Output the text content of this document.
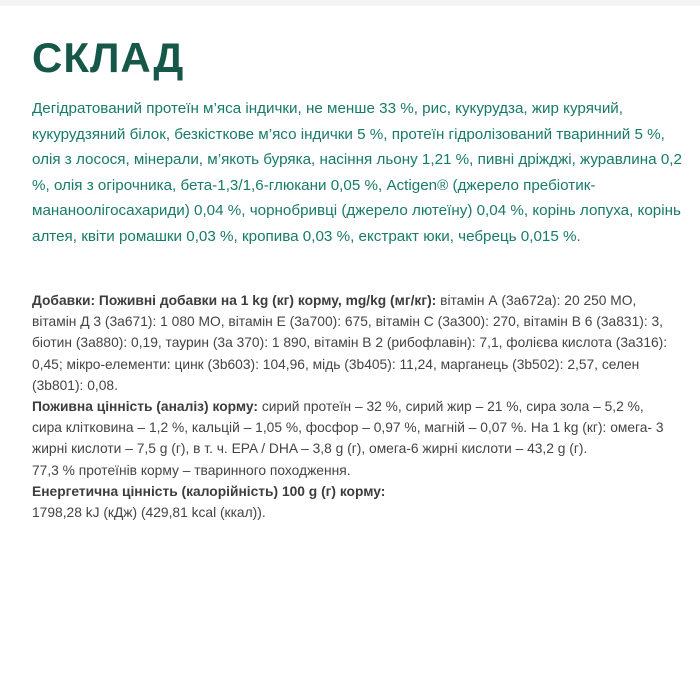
СКЛАД

Дегідратований протеїн м’яса індички, не менше 33 %, рис, кукурудза, жир курячий, кукурудзяний білок, безкісткове м’ясо індички 5 %, протеїн гідролізований тваринний 5 %, олія з лосося, мінерали, м’якоть буряка, насіння льону 1,21 %, пивні дріжджі, журавлина 0,2 %, олія з огірочника, бета-1,3/1,6-глюкани 0,05 %, Actigen® (джерело пребіотик- мананоолігосахариди) 0,04 %, чорнобривці (джерело лютеїну) 0,04 %, корінь лопуха, корінь алтея, квіти ромашки 0,03 %, кропива 0,03 %, екстракт юки, чебрець 0,015 %.

Добавки: Поживні добавки на 1 kg (кг) корму, mg/kg (мг/кг): вітамін А (3а672а): 20 250 МО, вітамін Д 3 (3а671): 1 080 МО, вітамін Е (3а700): 675, вітамін С (3а300): 270, вітамін В 6 (3а831): 3, біотин (3а880): 0,19, таурин (3а 370): 1 890, вітамін В 2 (рибофлавін): 7,1, фолієва кислота (3а316): 0,45; мікро-елементи: цинк (3b603): 104,96, мідь (3b405): 11,24, марганець (3b502): 2,57, селен (3b801): 0,08.

Поживна цінність (аналіз) корму: сирий протеїн – 32 %, сирий жир – 21 %, сира зола – 5,2 %, сира клітковина – 1,2 %, кальцій – 1,05 %, фосфор – 0,97 %, магній – 0,07 %. На 1 kg (кг): омега- 3 жирні кислоти – 7,5 g (г), в т. ч. EPA / DHA – 3,8 g (г), омега-6 жирні кислоти – 43,2 g (г).

77,3 % протеїнів корму – тваринного походження.

Енергетична цінність (калорійність) 100 g (г) корму:

1798,28 kJ (кДж) (429,81 kcal (ккал)).
